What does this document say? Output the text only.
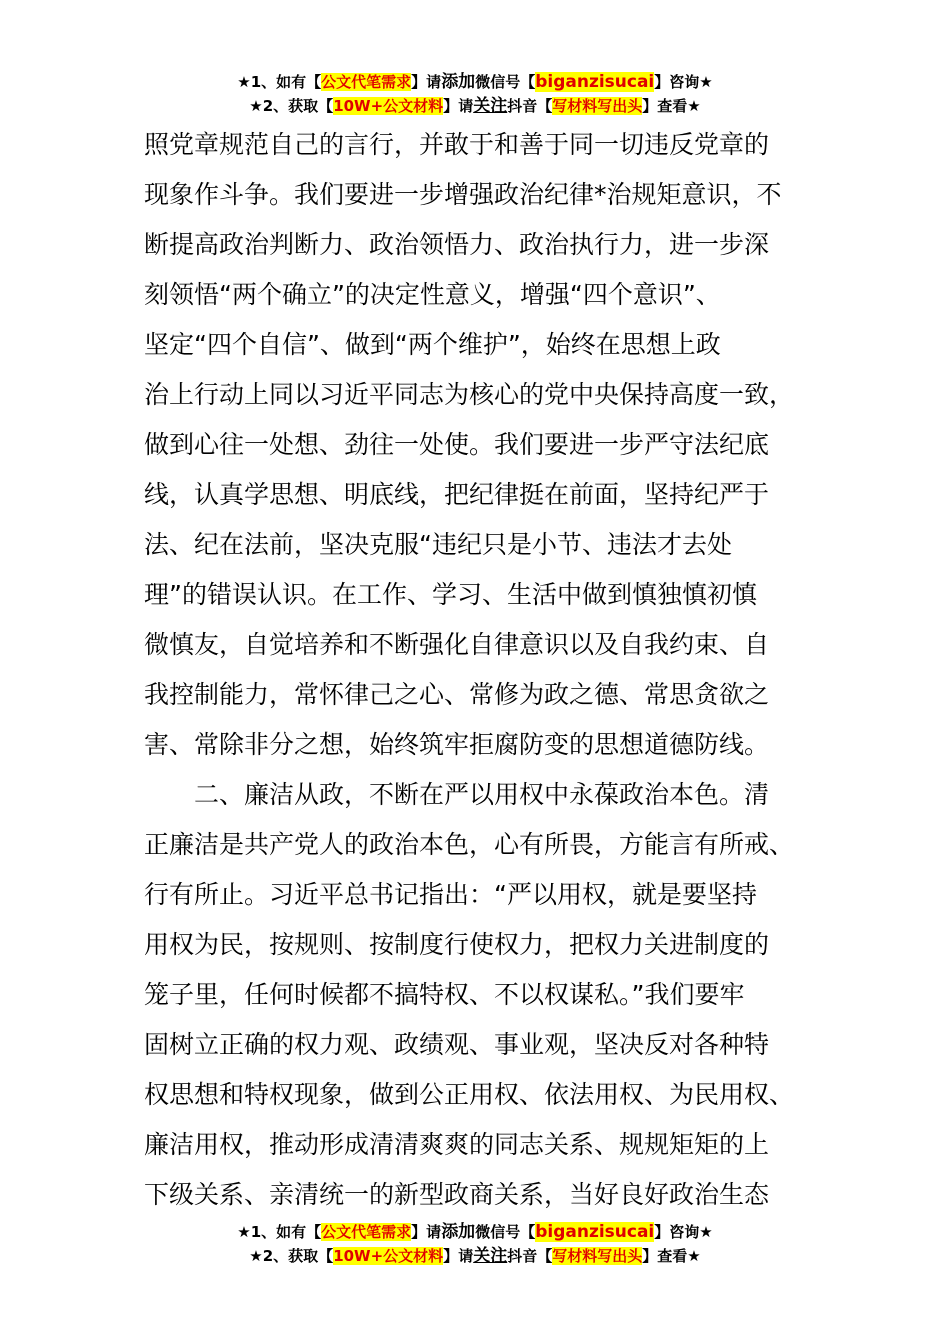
★1、如有【公文代笔需求】请添加微信号【biganzisucai】咨询★
★2、获取【10W+公文材料】请关注抖音【写材料写出头】查看★
照党章规范自己的言行，并敢于和善于同一切违反党章的
现象作斗争。我们要进一步增强政治纪律*治规矩意识，不
断提高政治判断力、政治领悟力、政治执行力，进一步深
刻领悟“两个确立”的决定性意义，增强“四个意识”、
坚定“四个自信”、做到“两个维护”，始终在思想上政
治上行动上同以习近平同志为核心的党中央保持高度一致，
做到心往一处想、劲往一处使。我们要进一步严守法纪底
线，认真学思想、明底线，把纪律挺在前面，坚持纪严于
法、纪在法前，坚决克服“违纪只是小节、违法才去处
理”的错误认识。在工作、学习、生活中做到慎独慎初慎
微慎友，自觉培养和不断强化自律意识以及自我约束、自
我控制能力，常怀律己之心、常修为政之德、常思贪欲之
害、常除非分之想，始终筑牢拒腐防变的思想道德防线。
二、廉洁从政，不断在严以用权中永葆政治本色。清
正廉洁是共产党人的政治本色，心有所畏，方能言有所戒、
行有所止。习近平总书记指出：“严以用权，就是要坚持
用权为民，按规则、按制度行使权力，把权力关进制度的
笼子里，任何时候都不搞特权、不以权谋私。”我们要牢
固树立正确的权力观、政绩观、事业观，坚决反对各种特
权思想和特权现象，做到公正用权、依法用权、为民用权、
廉洁用权，推动形成清清爽爽的同志关系、规规矩矩的上
下级关系、亲清统一的新型政商关系，当好良好政治生态
★1、如有【公文代笔需求】请添加微信号【biganzisucai】咨询★
★2、获取【10W+公文材料】请关注抖音【写材料写出头】查看★
